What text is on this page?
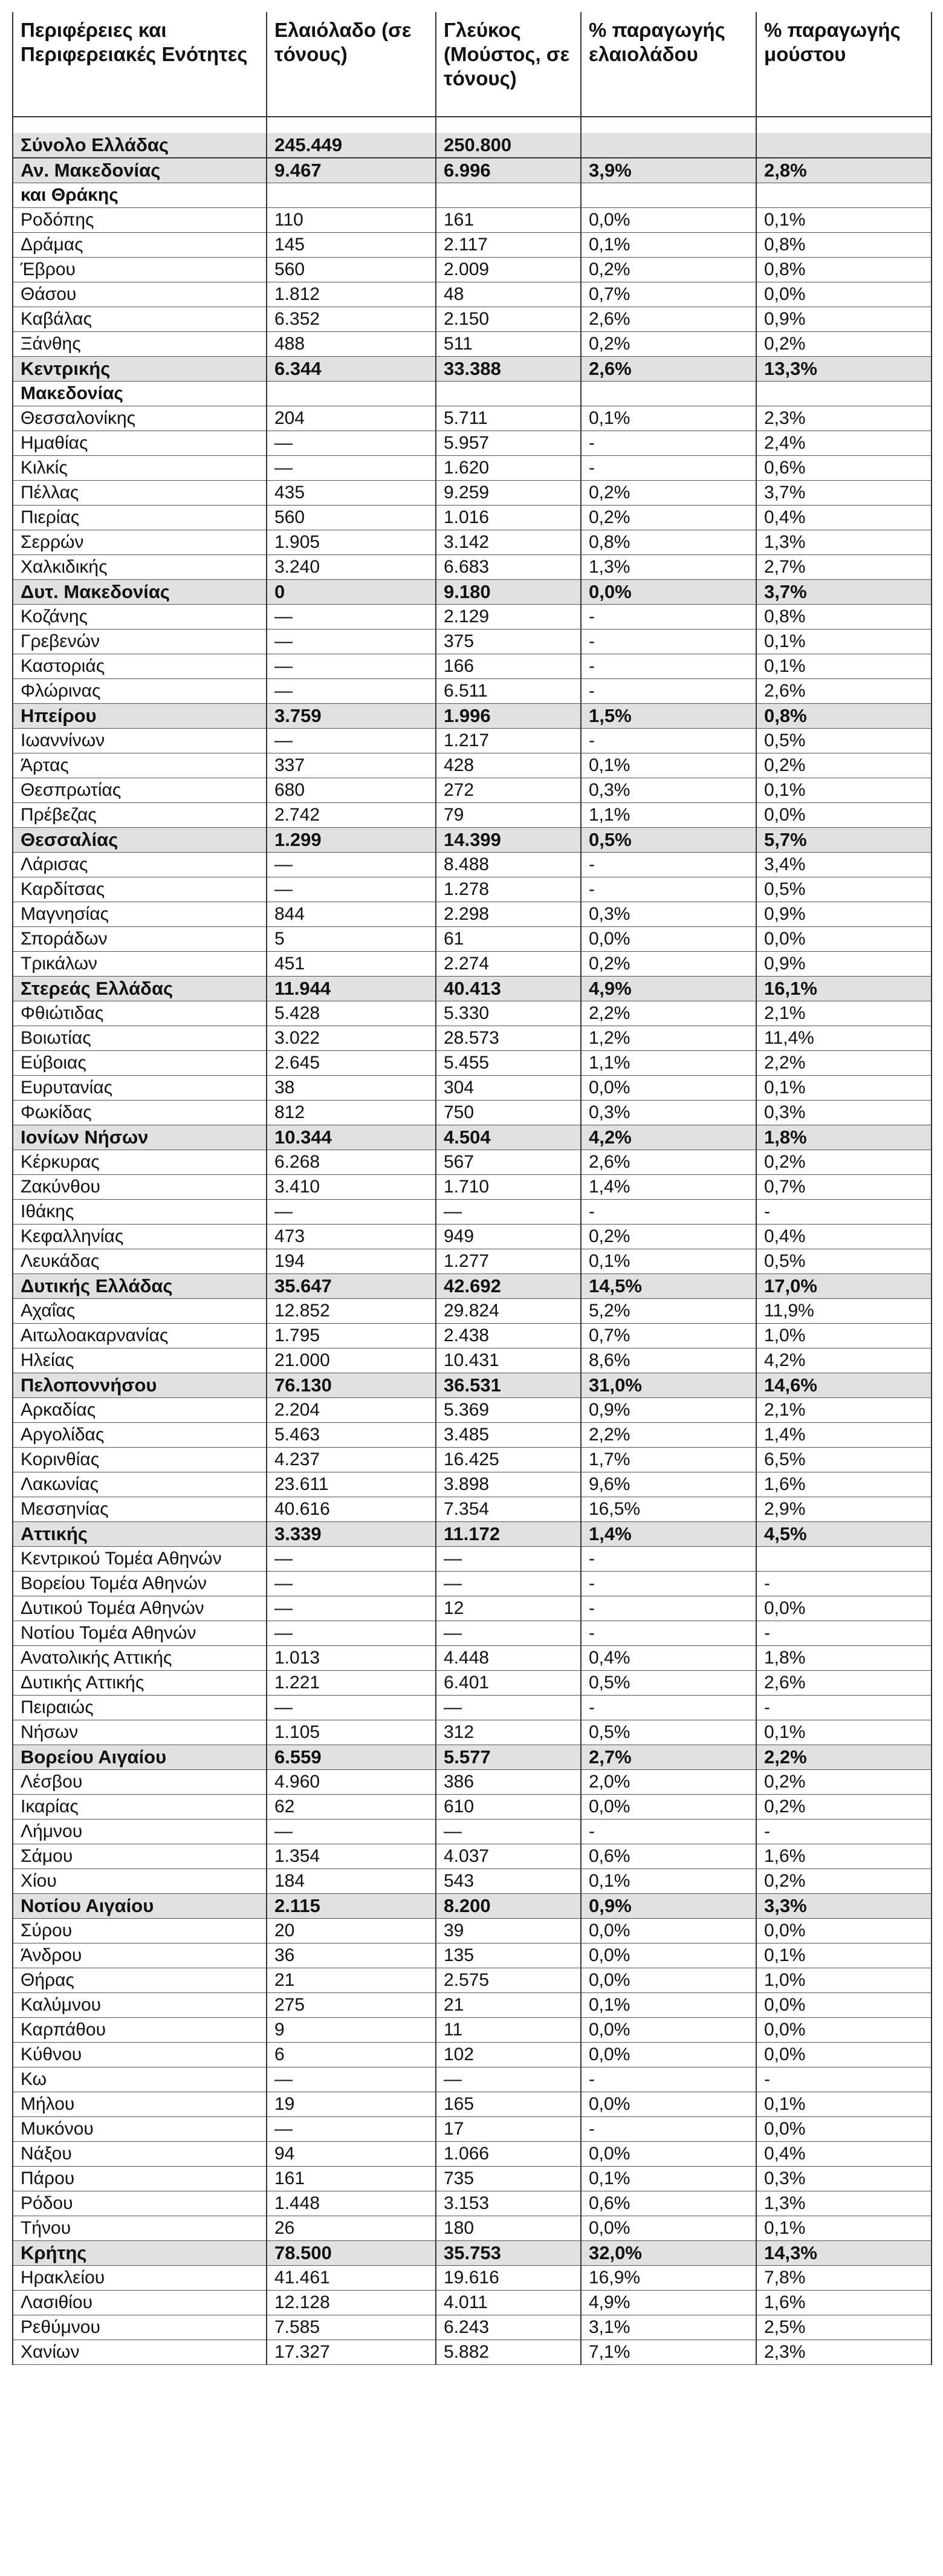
Περιφέρειες και Περιφερειακές Ενότητες	Ελαιόλαδο (σε τόνους)	Γλεύκος (Μούστος, σε τόνους)	% παραγωγής ελαιολάδου	% παραγωγής μούστου

Σύνολο Ελλάδας	245.449	250.800		
Αν. Μακεδονίας	9.467	6.996	3,9%	2,8%
και Θράκης				
Ροδόπης	110	161	0,0%	0,1%
Δράμας	145	2.117	0,1%	0,8%
Έβρου	560	2.009	0,2%	0,8%
Θάσου	1.812	48	0,7%	0,0%
Καβάλας	6.352	2.150	2,6%	0,9%
Ξάνθης	488	511	0,2%	0,2%
Κεντρικής	6.344	33.388	2,6%	13,3%
Μακεδονίας				
Θεσσαλονίκης	204	5.711	0,1%	2,3%
Ημαθίας	—	5.957	-	2,4%
Κιλκίς	—	1.620	-	0,6%
Πέλλας	435	9.259	0,2%	3,7%
Πιερίας	560	1.016	0,2%	0,4%
Σερρών	1.905	3.142	0,8%	1,3%
Χαλκιδικής	3.240	6.683	1,3%	2,7%
Δυτ. Μακεδονίας	0	9.180	0,0%	3,7%
Κοζάνης	—	2.129	-	0,8%
Γρεβενών	—	375	-	0,1%
Καστοριάς	—	166	-	0,1%
Φλώρινας	—	6.511	-	2,6%
Ηπείρου	3.759	1.996	1,5%	0,8%
Ιωαννίνων	—	1.217	-	0,5%
Άρτας	337	428	0,1%	0,2%
Θεσπρωτίας	680	272	0,3%	0,1%
Πρέβεζας	2.742	79	1,1%	0,0%
Θεσσαλίας	1.299	14.399	0,5%	5,7%
Λάρισας	—	8.488	-	3,4%
Καρδίτσας	—	1.278	-	0,5%
Μαγνησίας	844	2.298	0,3%	0,9%
Σποράδων	5	61	0,0%	0,0%
Τρικάλων	451	2.274	0,2%	0,9%
Στερεάς Ελλάδας	11.944	40.413	4,9%	16,1%
Φθιώτιδας	5.428	5.330	2,2%	2,1%
Βοιωτίας	3.022	28.573	1,2%	11,4%
Εύβοιας	2.645	5.455	1,1%	2,2%
Ευρυτανίας	38	304	0,0%	0,1%
Φωκίδας	812	750	0,3%	0,3%
Ιονίων Νήσων	10.344	4.504	4,2%	1,8%
Κέρκυρας	6.268	567	2,6%	0,2%
Ζακύνθου	3.410	1.710	1,4%	0,7%
Ιθάκης	—	—	-	-
Κεφαλληνίας	473	949	0,2%	0,4%
Λευκάδας	194	1.277	0,1%	0,5%
Δυτικής Ελλάδας	35.647	42.692	14,5%	17,0%
Αχαΐας	12.852	29.824	5,2%	11,9%
Αιτωλοακαρνανίας	1.795	2.438	0,7%	1,0%
Ηλείας	21.000	10.431	8,6%	4,2%
Πελοποννήσου	76.130	36.531	31,0%	14,6%
Αρκαδίας	2.204	5.369	0,9%	2,1%
Αργολίδας	5.463	3.485	2,2%	1,4%
Κορινθίας	4.237	16.425	1,7%	6,5%
Λακωνίας	23.611	3.898	9,6%	1,6%
Μεσσηνίας	40.616	7.354	16,5%	2,9%
Αττικής	3.339	11.172	1,4%	4,5%
Κεντρικού Τομέα Αθηνών	—	—	-	
Βορείου Τομέα Αθηνών	—	—	-	-
Δυτικού Τομέα Αθηνών	—	12	-	0,0%
Νοτίου Τομέα Αθηνών	—	—	-	-
Ανατολικής Αττικής	1.013	4.448	0,4%	1,8%
Δυτικής Αττικής	1.221	6.401	0,5%	2,6%
Πειραιώς	—	—	-	-
Νήσων	1.105	312	0,5%	0,1%
Βορείου Αιγαίου	6.559	5.577	2,7%	2,2%
Λέσβου	4.960	386	2,0%	0,2%
Ικαρίας	62	610	0,0%	0,2%
Λήμνου	—	—	-	-
Σάμου	1.354	4.037	0,6%	1,6%
Χίου	184	543	0,1%	0,2%
Νοτίου Αιγαίου	2.115	8.200	0,9%	3,3%
Σύρου	20	39	0,0%	0,0%
Άνδρου	36	135	0,0%	0,1%
Θήρας	21	2.575	0,0%	1,0%
Καλύμνου	275	21	0,1%	0,0%
Καρπάθου	9	11	0,0%	0,0%
Κύθνου	6	102	0,0%	0,0%
Κω	—	—	-	-
Μήλου	19	165	0,0%	0,1%
Μυκόνου	—	17	-	0,0%
Νάξου	94	1.066	0,0%	0,4%
Πάρου	161	735	0,1%	0,3%
Ρόδου	1.448	3.153	0,6%	1,3%
Τήνου	26	180	0,0%	0,1%
Κρήτης	78.500	35.753	32,0%	14,3%
Ηρακλείου	41.461	19.616	16,9%	7,8%
Λασιθίου	12.128	4.011	4,9%	1,6%
Ρεθύμνου	7.585	6.243	3,1%	2,5%
Χανίων	17.327	5.882	7,1%	2,3%
